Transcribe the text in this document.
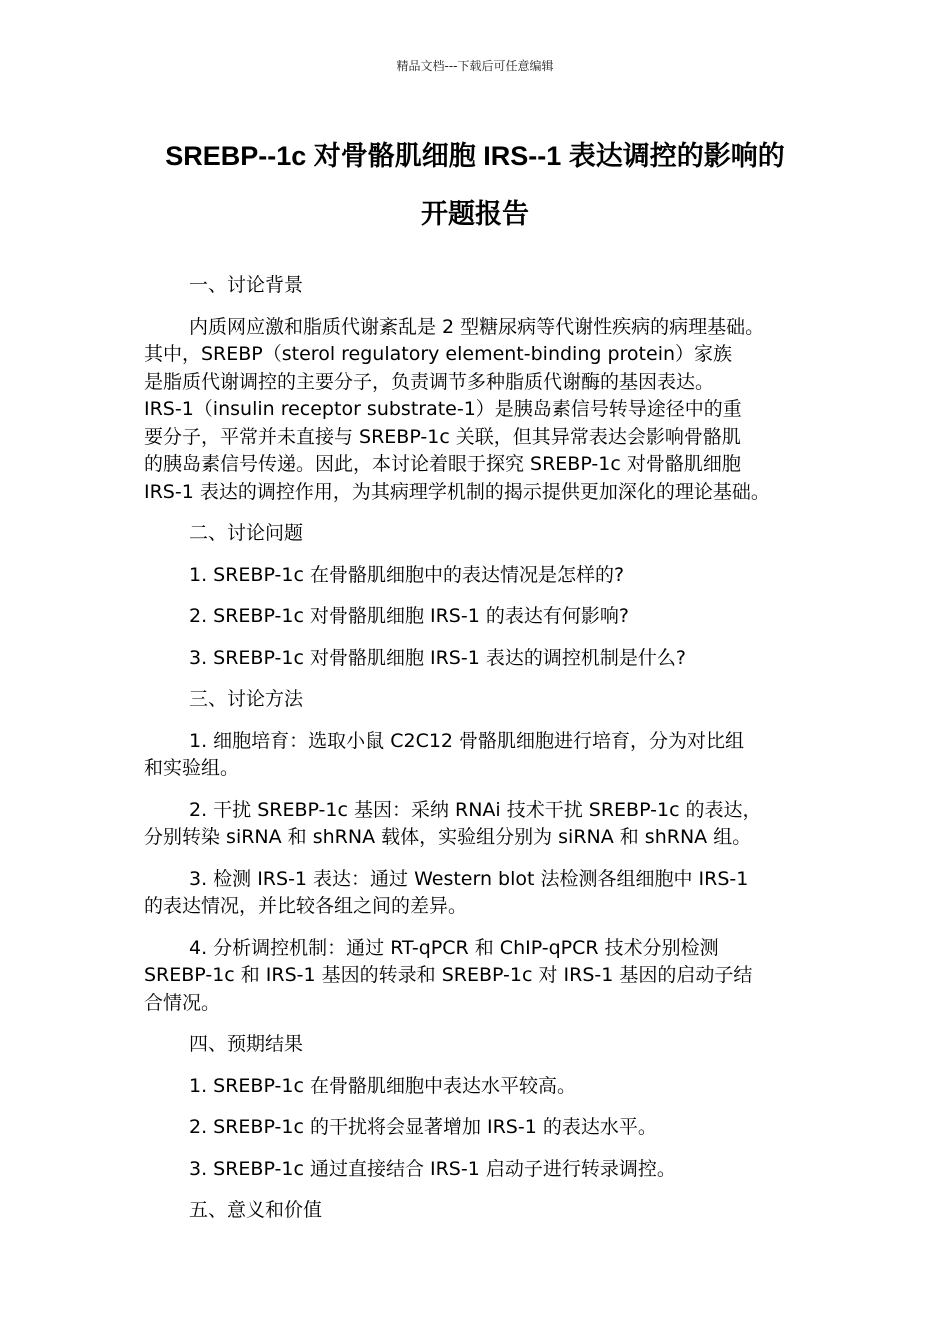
精品文档---下载后可任意编辑
SREBP--1c 对骨骼肌细胞 IRS--1 表达调控的影响的
开题报告

一、讨论背景

内质网应激和脂质代谢紊乱是 2 型糖尿病等代谢性疾病的病理基础。

其中，SREBP（sterol regulatory element-binding protein）家族

是脂质代谢调控的主要分子，负责调节多种脂质代谢酶的基因表达。

IRS-1（insulin receptor substrate-1）是胰岛素信号转导途径中的重

要分子，平常并未直接与 SREBP-1c 关联，但其异常表达会影响骨骼肌

的胰岛素信号传递。因此，本讨论着眼于探究 SREBP-1c 对骨骼肌细胞

IRS-1 表达的调控作用，为其病理学机制的揭示提供更加深化的理论基础。

二、讨论问题

1. SREBP-1c 在骨骼肌细胞中的表达情况是怎样的?

2. SREBP-1c 对骨骼肌细胞 IRS-1 的表达有何影响?

3. SREBP-1c 对骨骼肌细胞 IRS-1 表达的调控机制是什么?

三、讨论方法

1. 细胞培育：选取小鼠 C2C12 骨骼肌细胞进行培育，分为对比组

和实验组。

2. 干扰 SREBP-1c 基因：采纳 RNAi 技术干扰 SREBP-1c 的表达，

分别转染 siRNA 和 shRNA 载体，实验组分别为 siRNA 和 shRNA 组。

3. 检测 IRS-1 表达：通过 Western blot 法检测各组细胞中 IRS-1

的表达情况，并比较各组之间的差异。

4. 分析调控机制：通过 RT-qPCR 和 ChIP-qPCR 技术分别检测

SREBP-1c 和 IRS-1 基因的转录和 SREBP-1c 对 IRS-1 基因的启动子结

合情况。

四、预期结果

1. SREBP-1c 在骨骼肌细胞中表达水平较高。

2. SREBP-1c 的干扰将会显著增加 IRS-1 的表达水平。

3. SREBP-1c 通过直接结合 IRS-1 启动子进行转录调控。

五、意义和价值
